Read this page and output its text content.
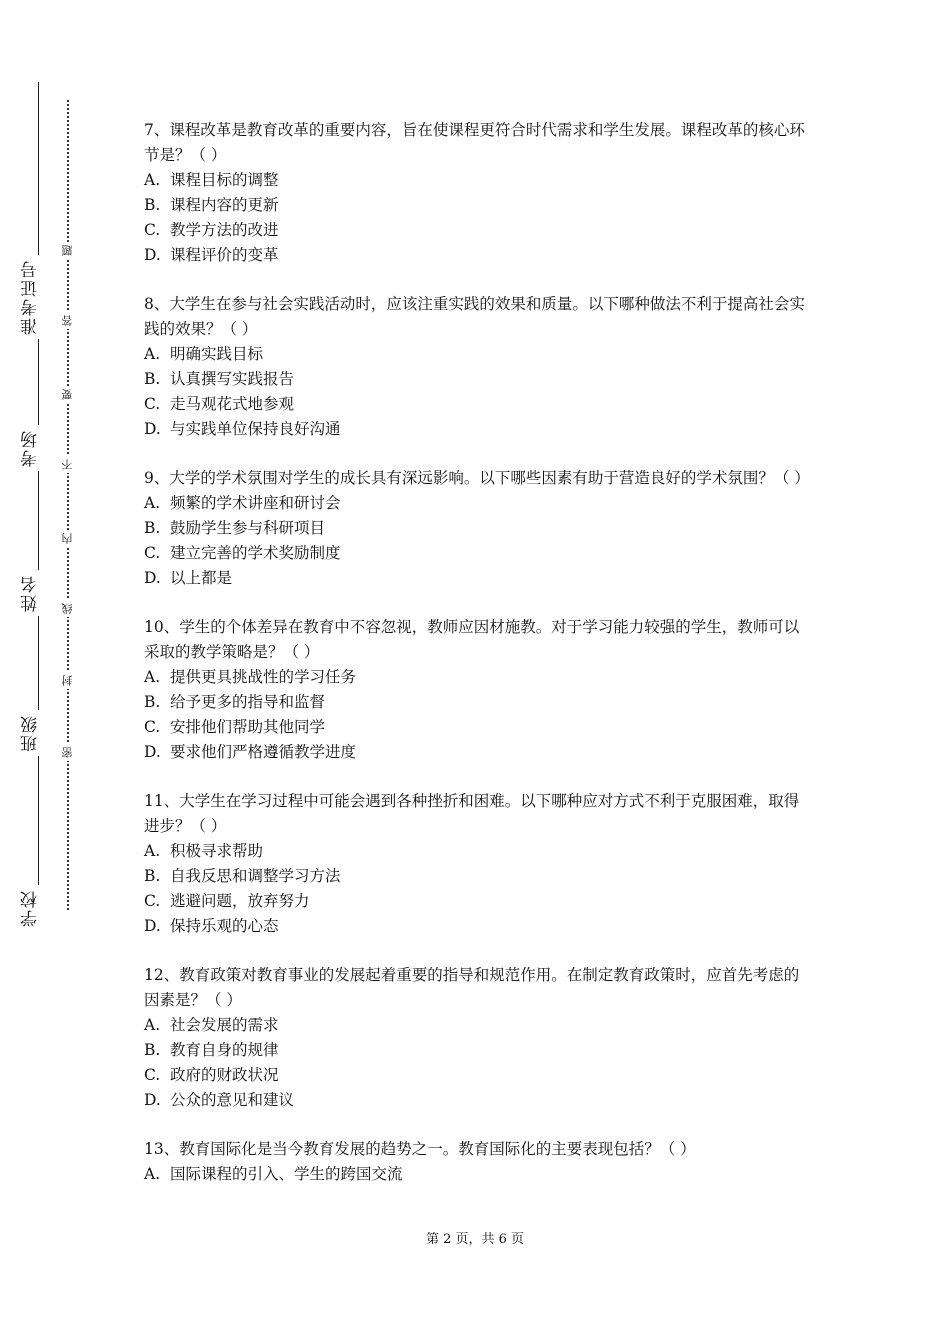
准考证号
考场
姓名
班级
学校
题
答
要
不
内
线
封
密

7、课程改革是教育改革的重要内容，旨在使课程更符合时代需求和学生发展。课程改革的核心环节是？（ ）

A. 课程目标的调整

B. 课程内容的更新

C. 教学方法的改进

D. 课程评价的变革

8、大学生在参与社会实践活动时，应该注重实践的效果和质量。以下哪种做法不利于提高社会实践的效果？（ ）

A. 明确实践目标

B. 认真撰写实践报告

C. 走马观花式地参观

D. 与实践单位保持良好沟通

9、大学的学术氛围对学生的成长具有深远影响。以下哪些因素有助于营造良好的学术氛围？（ ）

A. 频繁的学术讲座和研讨会

B. 鼓励学生参与科研项目

C. 建立完善的学术奖励制度

D. 以上都是

10、学生的个体差异在教育中不容忽视，教师应因材施教。对于学习能力较强的学生，教师可以采取的教学策略是？（ ）

A. 提供更具挑战性的学习任务

B. 给予更多的指导和监督

C. 安排他们帮助其他同学

D. 要求他们严格遵循教学进度

11、大学生在学习过程中可能会遇到各种挫折和困难。以下哪种应对方式不利于克服困难，取得进步？（ ）

A. 积极寻求帮助

B. 自我反思和调整学习方法

C. 逃避问题，放弃努力

D. 保持乐观的心态

12、教育政策对教育事业的发展起着重要的指导和规范作用。在制定教育政策时，应首先考虑的因素是？（ ）

A. 社会发展的需求

B. 教育自身的规律

C. 政府的财政状况

D. 公众的意见和建议

13、教育国际化是当今教育发展的趋势之一。教育国际化的主要表现包括？（ ）

A. 国际课程的引入、学生的跨国交流

第 2 页，共 6 页
